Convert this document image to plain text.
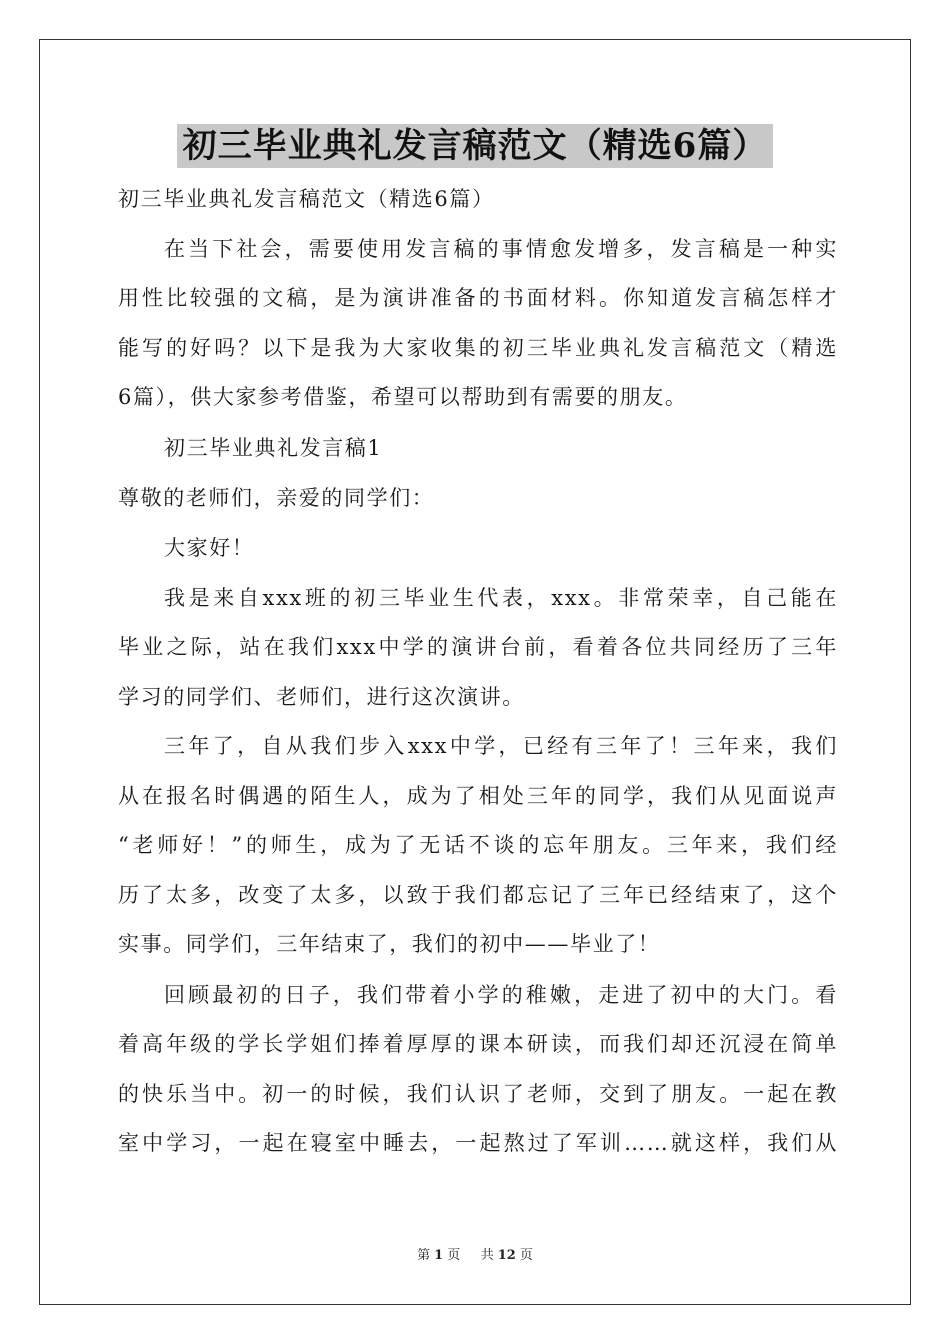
初三毕业典礼发言稿范文（精选6篇）
初三毕业典礼发言稿范文（精选6篇）
在当下社会，需要使用发言稿的事情愈发增多，发言稿是一种实
用性比较强的文稿，是为演讲准备的书面材料。你知道发言稿怎样才
能写的好吗？以下是我为大家收集的初三毕业典礼发言稿范文（精选
6篇），供大家参考借鉴，希望可以帮助到有需要的朋友。
初三毕业典礼发言稿1
尊敬的老师们，亲爱的同学们：
大家好！
我是来自xxx班的初三毕业生代表，xxx。非常荣幸，自己能在
毕业之际，站在我们xxx中学的演讲台前，看着各位共同经历了三年
学习的同学们、老师们，进行这次演讲。
三年了，自从我们步入xxx中学，已经有三年了！三年来，我们
从在报名时偶遇的陌生人，成为了相处三年的同学，我们从见面说声
“老师好！”的师生，成为了无话不谈的忘年朋友。三年来，我们经
历了太多，改变了太多，以致于我们都忘记了三年已经结束了，这个
实事。同学们，三年结束了，我们的初中——毕业了！
回顾最初的日子，我们带着小学的稚嫩，走进了初中的大门。看
着高年级的学长学姐们捧着厚厚的课本研读，而我们却还沉浸在简单
的快乐当中。初一的时候，我们认识了老师，交到了朋友。一起在教
室中学习，一起在寝室中睡去，一起熬过了军训……就这样，我们从
第 1 页 共 12 页
